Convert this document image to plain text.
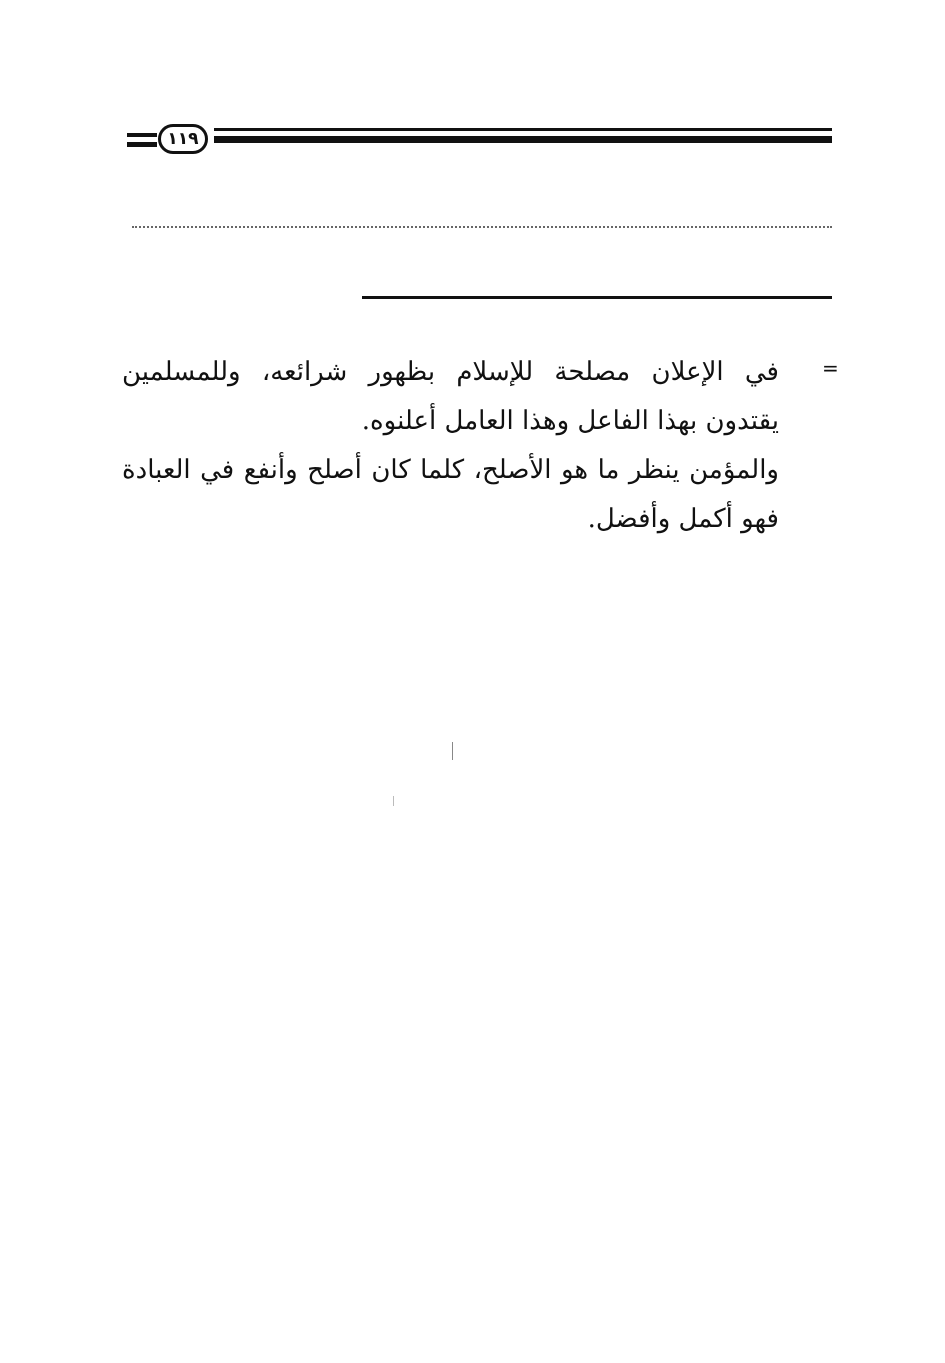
١١٩
=

في الإعلان مصلحة للإسلام بظهور شرائعه، وللمسلمين يقتدون بهذا الفاعل وهذا العامل أعلنوه.

والمؤمن ينظر ما هو الأصلح، كلما كان أصلح وأنفع في العبادة فهو أكمل وأفضل.
